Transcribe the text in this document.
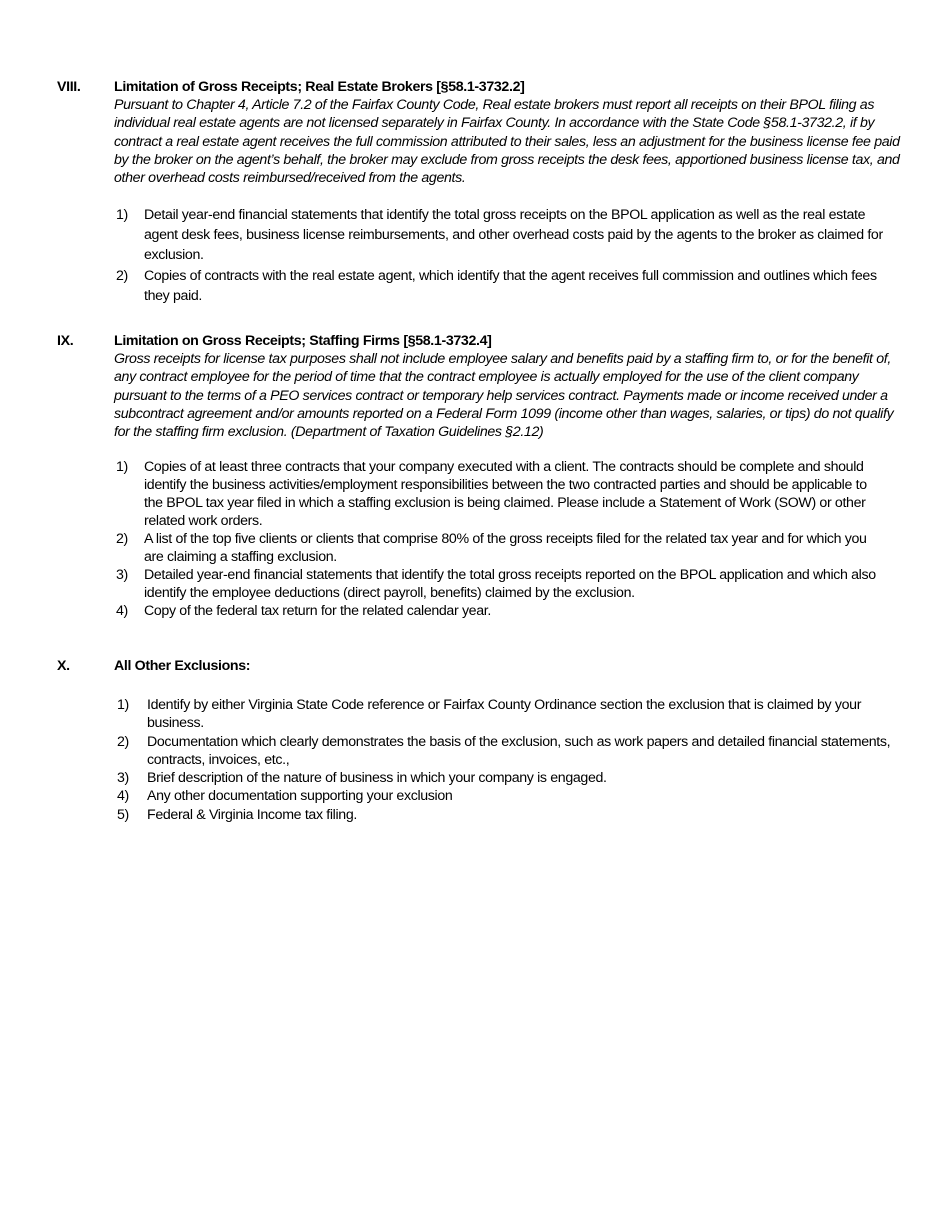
VIII. Limitation of Gross Receipts; Real Estate Brokers [§58.1-3732.2]
Pursuant to Chapter 4, Article 7.2 of the Fairfax County Code, Real estate brokers must report all receipts on their BPOL filing as individual real estate agents are not licensed separately in Fairfax County. In accordance with the State Code §58.1-3732.2, if by contract a real estate agent receives the full commission attributed to their sales, less an adjustment for the business license fee paid by the broker on the agent’s behalf, the broker may exclude from gross receipts the desk fees, apportioned business license tax, and other overhead costs reimbursed/received from the agents.
1) Detail year-end financial statements that identify the total gross receipts on the BPOL application as well as the real estate agent desk fees, business license reimbursements, and other overhead costs paid by the agents to the broker as claimed for exclusion.
2) Copies of contracts with the real estate agent, which identify that the agent receives full commission and outlines which fees they paid.
IX.	Limitation on Gross Receipts; Staffing Firms [§58.1-3732.4]
Gross receipts for license tax purposes shall not include employee salary and benefits paid by a staffing firm to, or for the benefit of, any contract employee for the period of time that the contract employee is actually employed for the use of the client company pursuant to the terms of a PEO services contract or temporary help services contract. Payments made or income received under a subcontract agreement and/or amounts reported on a Federal Form 1099 (income other than wages, salaries, or tips) do not qualify for the staffing firm exclusion. (Department of Taxation Guidelines §2.12)
1) Copies of at least three contracts that your company executed with a client. The contracts should be complete and should identify the business activities/employment responsibilities between the two contracted parties and should be applicable to the BPOL tax year filed in which a staffing exclusion is being claimed. Please include a Statement of Work (SOW) or other related work orders.
2) A list of the top five clients or clients that comprise 80% of the gross receipts filed for the related tax year and for which you are claiming a staffing exclusion.
3) Detailed year-end financial statements that identify the total gross receipts reported on the BPOL application and which also identify the employee deductions (direct payroll, benefits) claimed by the exclusion.
4) Copy of the federal tax return for the related calendar year.
X.	All Other Exclusions:
1) Identify by either Virginia State Code reference or Fairfax County Ordinance section the exclusion that is claimed by your business.
2) Documentation which clearly demonstrates the basis of the exclusion, such as work papers and detailed financial statements, contracts, invoices, etc.,
3) Brief description of the nature of business in which your company is engaged.
4) Any other documentation supporting your exclusion
5) Federal & Virginia Income tax filing.
